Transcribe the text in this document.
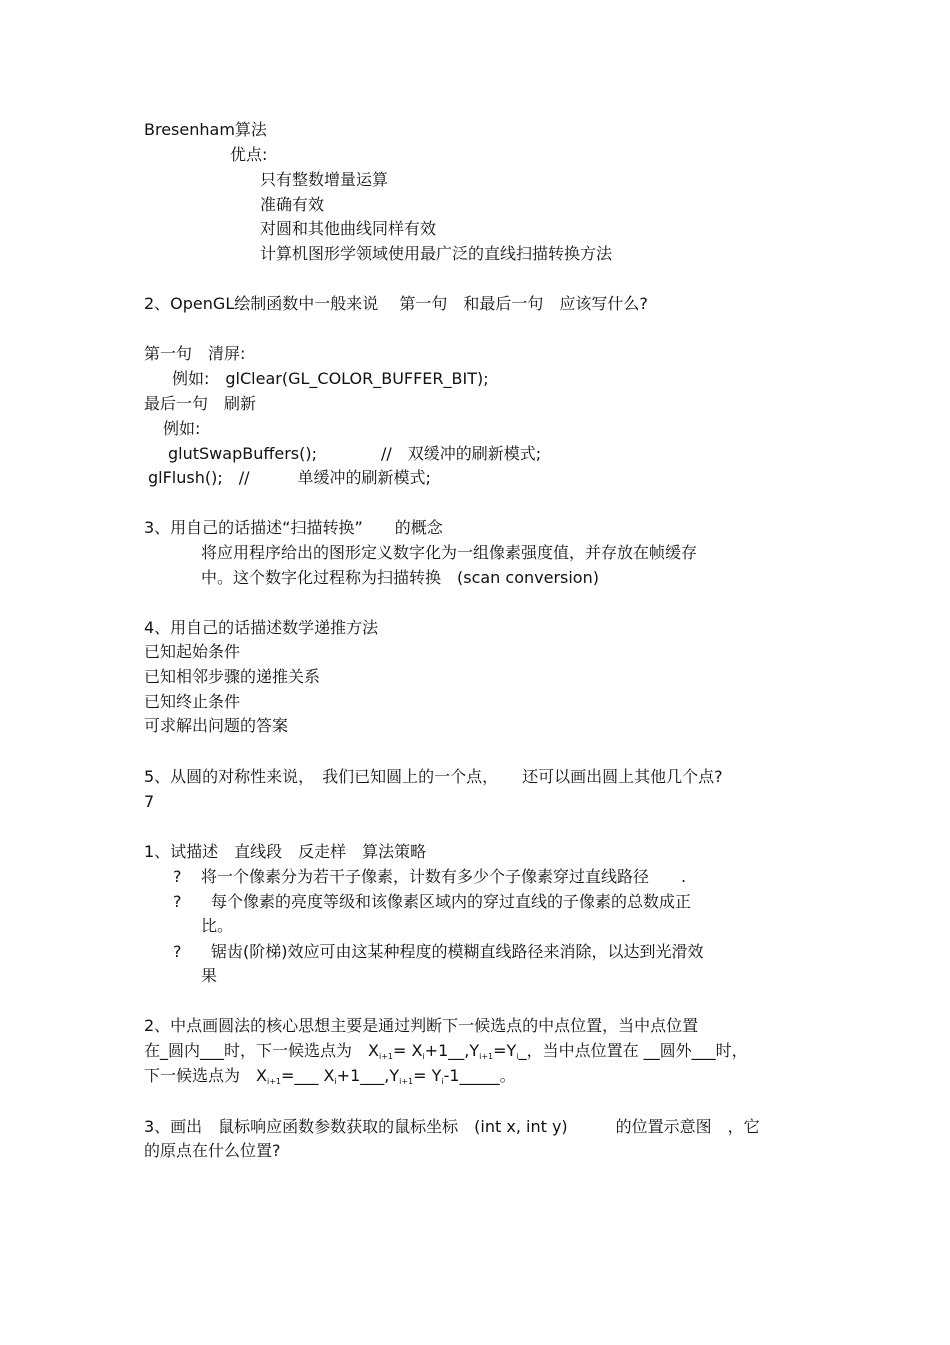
Bresenham算法
优点:
只有整数增量运算
准确有效
对圆和其他曲线同样有效
计算机图形学领域使用最广泛的直线扫描转换方法
2、OpenGL绘制函数中一般来说　 第一句　和最后一句　应该写什么?
第一句　清屏:
例如:　glClear(GL_COLOR_BUFFER_BIT);
最后一句　刷新
例如:
glutSwapBuffers();　　　　//　双缓冲的刷新模式;
glFlush();　//　　　单缓冲的刷新模式;
3、用自己的话描述“扫描转换”　　的概念
将应用程序给出的图形定义数字化为一组像素强度值，并存放在帧缓存
中。这个数字化过程称为扫描转换　(scan conversion)
4、用自己的话描述数学递推方法
已知起始条件
已知相邻步骤的递推关系
已知终止条件
可求解出问题的答案
5、从圆的对称性来说，　我们已知圆上的一个点，　　还可以画出圆上其他几个点?
7
1、试描述　直线段　反走样　算法策略
? 将一个像素分为若干子像素，计数有多少个子像素穿过直线路径　　.
? 每个像素的亮度等级和该像素区域内的穿过直线的子像素的总数成正
比。
? 锯齿(阶梯)效应可由这某种程度的模糊直线路径来消除，以达到光滑效
果
2、中点画圆法的核心思想主要是通过判断下一候选点的中点位置，当中点位置
在_圆内___时，下一候选点为　$X_{i+1}=$ $X_i+1\_\_,Y_{i+1}=Y_i\_$，当中点位置在 __圆外___时，
下一候选点为　$X_{i+1}=\_\_\_$ $X_i+1\_\_\_,Y_{i+1}=$ $Y_i-1\_\_\_\_\_$。
3、画出　鼠标响应函数参数获取的鼠标坐标　(int x, int y)　　　的位置示意图　，它
的原点在什么位置?
